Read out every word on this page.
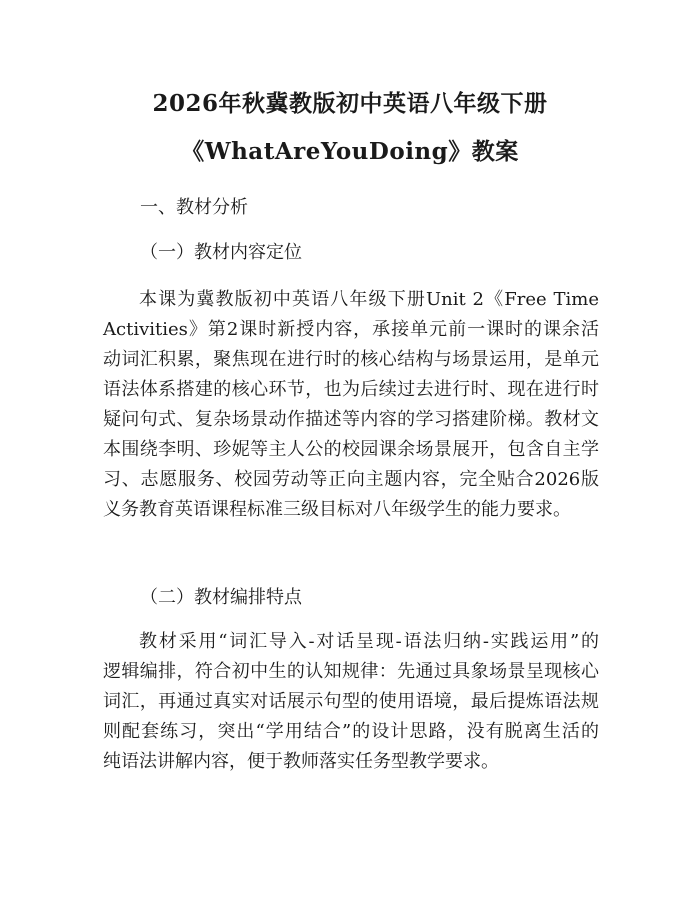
2026年秋冀教版初中英语八年级下册
《WhatAreYouDoing》教案
一、教材分析
（一）教材内容定位
本课为冀教版初中英语八年级下册Unit 2《Free Time
Activities》第2课时新授内容，承接单元前一课时的课余活
动词汇积累，聚焦现在进行时的核心结构与场景运用，是单元
语法体系搭建的核心环节，也为后续过去进行时、现在进行时
疑问句式、复杂场景动作描述等内容的学习搭建阶梯。教材文
本围绕李明、珍妮等主人公的校园课余场景展开，包含自主学
习、志愿服务、校园劳动等正向主题内容，完全贴合2026版
义务教育英语课程标准三级目标对八年级学生的能力要求。
（二）教材编排特点
教材采用“词汇导入-对话呈现-语法归纳-实践运用”的
逻辑编排，符合初中生的认知规律：先通过具象场景呈现核心
词汇，再通过真实对话展示句型的使用语境，最后提炼语法规
则配套练习，突出“学用结合”的设计思路，没有脱离生活的
纯语法讲解内容，便于教师落实任务型教学要求。
